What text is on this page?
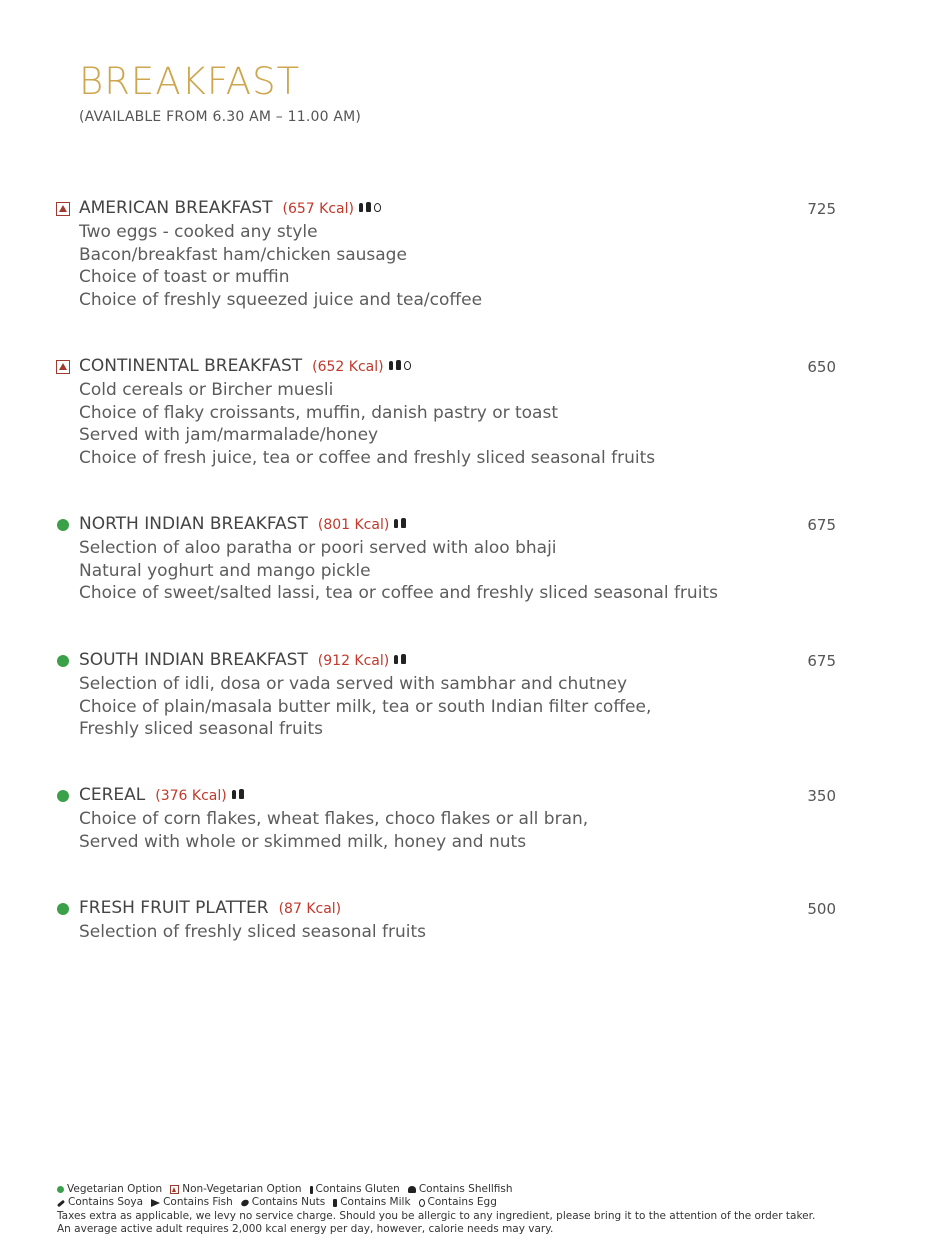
BREAKFAST
(AVAILABLE FROM 6.30 AM – 11.00 AM)
AMERICAN BREAKFAST (657 Kcal)	725
Two eggs - cooked any style
Bacon/breakfast ham/chicken sausage
Choice of toast or muffin
Choice of freshly squeezed juice and tea/coffee
CONTINENTAL BREAKFAST (652 Kcal)	650
Cold cereals or Bircher muesli
Choice of flaky croissants, muffin, danish pastry or toast
Served with jam/marmalade/honey
Choice of fresh juice, tea or coffee and freshly sliced seasonal fruits
NORTH INDIAN BREAKFAST (801 Kcal)	675
Selection of aloo paratha or poori served with aloo bhaji
Natural yoghurt and mango pickle
Choice of sweet/salted lassi, tea or coffee and freshly sliced seasonal fruits
SOUTH INDIAN BREAKFAST (912 Kcal)	675
Selection of idli, dosa or vada served with sambhar and chutney
Choice of plain/masala butter milk, tea or south Indian filter coffee,
Freshly sliced seasonal fruits
CEREAL (376 Kcal)	350
Choice of corn flakes, wheat flakes, choco flakes or all bran,
Served with whole or skimmed milk, honey and nuts
FRESH FRUIT PLATTER (87 Kcal)	500
Selection of freshly sliced seasonal fruits
Vegetarian Option Non-Vegetarian Option Contains Gluten Contains Shellfish
Contains Soya Contains Fish Contains Nuts Contains Milk Contains Egg
Taxes extra as applicable, we levy no service charge. Should you be allergic to any ingredient, please bring it to the attention of the order taker.
An average active adult requires 2,000 kcal energy per day, however, calorie needs may vary.
